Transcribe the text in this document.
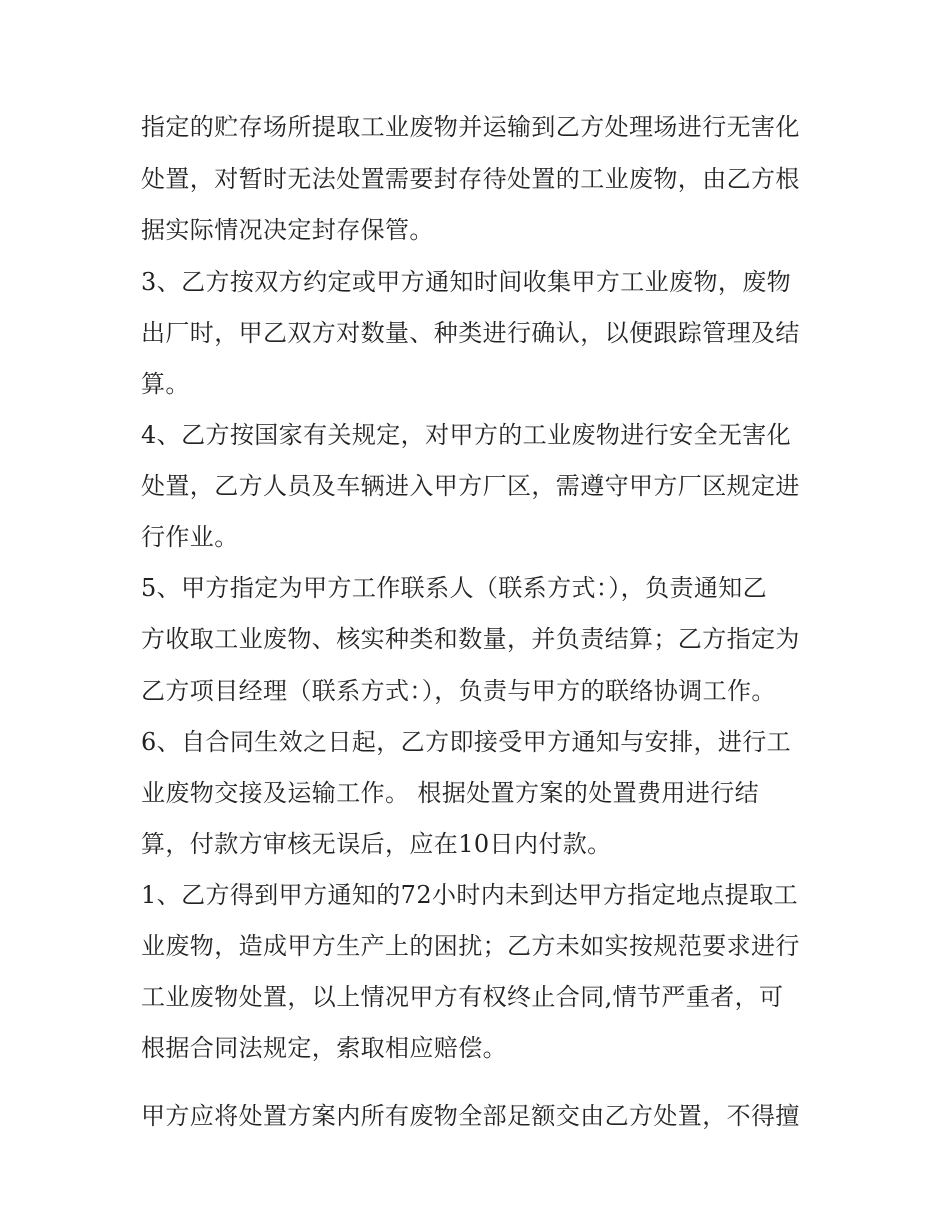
指定的贮存场所提取工业废物并运输到乙方处理场进行无害化

处置，对暂时无法处置需要封存待处置的工业废物，由乙方根

据实际情况决定封存保管。

3、乙方按双方约定或甲方通知时间收集甲方工业废物，废物

出厂时，甲乙双方对数量、种类进行确认，以便跟踪管理及结

算。

4、乙方按国家有关规定，对甲方的工业废物进行安全无害化

处置，乙方人员及车辆进入甲方厂区，需遵守甲方厂区规定进

行作业。

5、甲方指定为甲方工作联系人（联系方式：），负责通知乙

方收取工业废物、核实种类和数量，并负责结算；乙方指定为

乙方项目经理（联系方式：），负责与甲方的联络协调工作。

6、自合同生效之日起，乙方即接受甲方通知与安排，进行工

业废物交接及运输工作。 根据处置方案的处置费用进行结

算，付款方审核无误后，应在10日内付款。

1、乙方得到甲方通知的72小时内未到达甲方指定地点提取工

业废物，造成甲方生产上的困扰；乙方未如实按规范要求进行

工业废物处置，以上情况甲方有权终止合同,情节严重者，可

根据合同法规定，索取相应赔偿。

甲方应将处置方案内所有废物全部足额交由乙方处置，不得擅
